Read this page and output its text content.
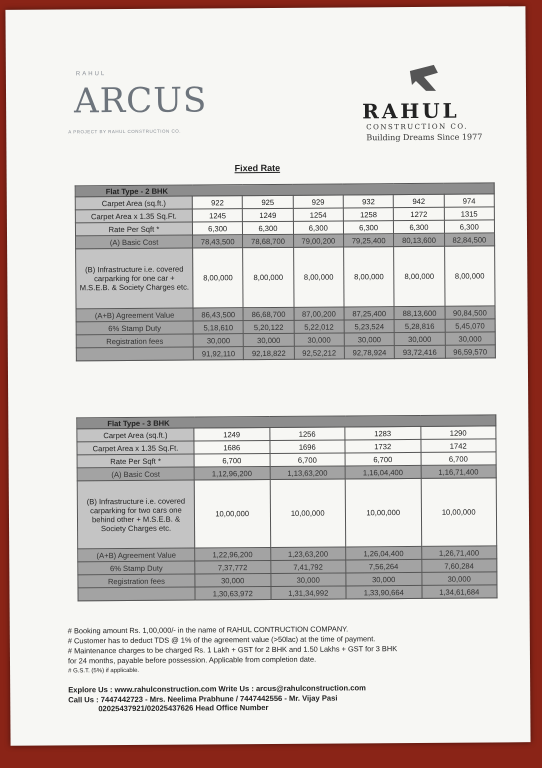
RAHUL
ARCUS
A PROJECT BY RAHUL CONSTRUCTION CO.
RAHUL
CONSTRUCTION CO.
Building Dreams Since 1977
Fixed Rate
Flat Type - 2 BHK						
Carpet Area (sq.ft.)	922	925	929	932	942	974
Carpet Area x 1.35 Sq.Ft.	1245	1249	1254	1258	1272	1315
Rate Per Sqft *	6,300	6,300	6,300	6,300	6,300	6,300
(A) Basic Cost	78,43,500	78,68,700	79,00,200	79,25,400	80,13,600	82,84,500
(B) Infrastructure i.e. covered carparking for one car + M.S.E.B. & Society Charges etc.	8,00,000	8,00,000	8,00,000	8,00,000	8,00,000	8,00,000
(A+B) Agreement Value	86,43,500	86,68,700	87,00,200	87,25,400	88,13,600	90,84,500
6% Stamp Duty	5,18,610	5,20,122	5,22,012	5,23,524	5,28,816	5,45,070
Registration fees	30,000	30,000	30,000	30,000	30,000	30,000
	91,92,110	92,18,822	92,52,212	92,78,924	93,72,416	96,59,570
Flat Type - 3 BHK				
Carpet Area (sq.ft.)	1249	1256	1283	1290
Carpet Area x 1.35 Sq.Ft.	1686	1696	1732	1742
Rate Per Sqft *	6,700	6,700	6,700	6,700
(A) Basic Cost	1,12,96,200	1,13,63,200	1,16,04,400	1,16,71,400
(B) Infrastructure i.e. covered carparking for two cars one behind other + M.S.E.B. & Society Charges etc.	10,00,000	10,00,000	10,00,000	10,00,000
(A+B) Agreement Value	1,22,96,200	1,23,63,200	1,26,04,400	1,26,71,400
6% Stamp Duty	7,37,772	7,41,792	7,56,264	7,60,284
Registration fees	30,000	30,000	30,000	30,000
	1,30,63,972	1,31,34,992	1,33,90,664	1,34,61,684
# Booking amount Rs. 1,00,000/- in the name of RAHUL CONTRUCTION COMPANY.
# Customer has to deduct TDS @ 1% of the agreement value (>50lac) at the time of payment.
# Maintenance charges to be charged Rs. 1 Lakh + GST for 2 BHK and 1.50 Lakhs + GST for 3 BHK
for 24 months, payable before possession. Applicable from completion date.
# G.S.T. (5%) if applicable.
Explore Us : www.rahulconstruction.com Write Us : arcus@rahulconstruction.com
Call Us : 7447442723 - Mrs. Neelima Prabhune / 7447442556 - Mr. Vijay Pasi
02025437921/02025437626 Head Office Number
